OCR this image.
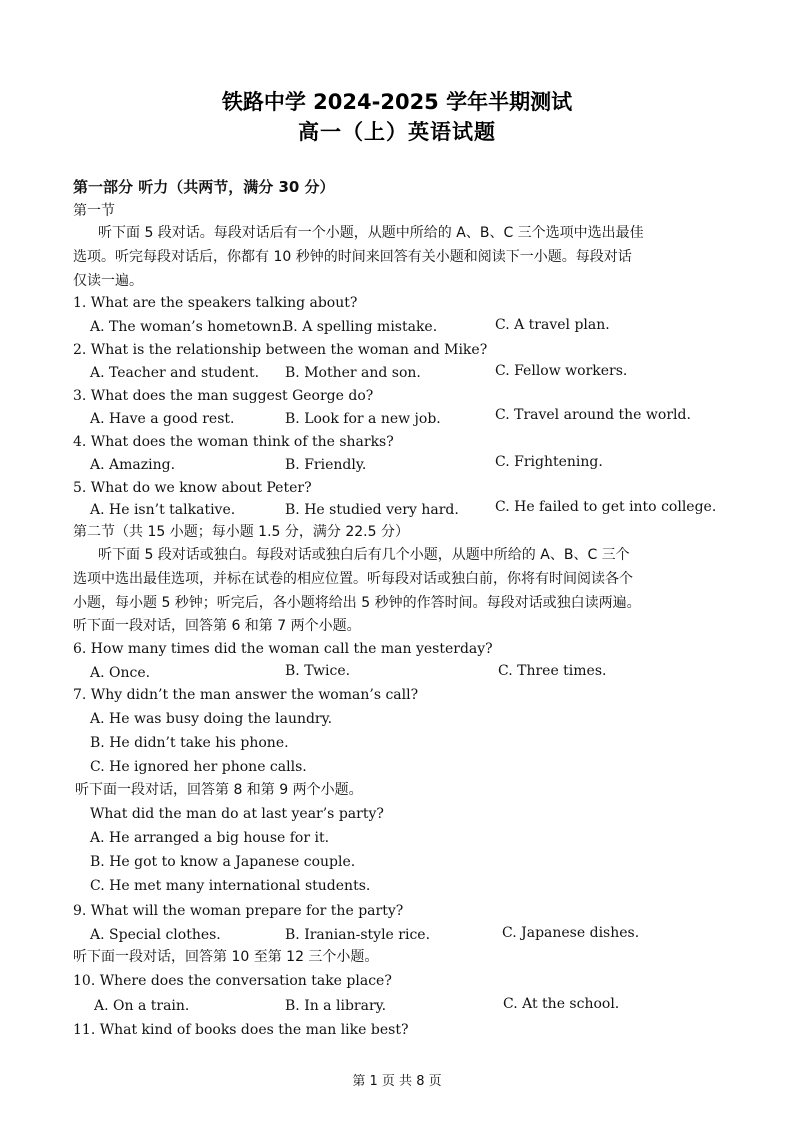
铁路中学 2024-2025 学年半期测试
高一（上）英语试题
第一部分 听力（共两节，满分 30 分）
第一节
听下面 5 段对话。每段对话后有一个小题，从题中所给的 A、B、C 三个选项中选出最佳
选项。听完每段对话后，你都有 10 秒钟的时间来回答有关小题和阅读下一小题。每段对话
仅读一遍。
1. What are the speakers talking about?
A. The woman’s hometown.
B. A spelling mistake.	C. A travel plan.
2. What is the relationship between the woman and Mike?
A. Teacher and student. B. Mother and son.	C. Fellow workers.
3. What does the man suggest George do?
A. Have a good rest.	B. Look for a new job.	C. Travel around the world.
4. What does the woman think of the sharks?
A. Amazing.	B. Friendly.	C. Frightening.
5. What do we know about Peter?
A. He isn’t talkative.	B. He studied very hard.	C. He failed to get into college.
第二节（共 15 小题；每小题 1.5 分，满分 22.5 分）
听下面 5 段对话或独白。每段对话或独白后有几个小题，从题中所给的 A、B、C 三个
选项中选出最佳选项，并标在试卷的相应位置。听每段对话或独白前，你将有时间阅读各个
小题，每小题 5 秒钟；听完后，各小题将给出 5 秒钟的作答时间。每段对话或独白读两遍。
听下面一段对话，回答第 6 和第 7 两个小题。
6. How many times did the woman call the man yesterday?
A. Once.	B. Twice.	C. Three times.
7. Why didn’t the man answer the woman’s call?
A. He was busy doing the laundry.
B. He didn’t take his phone.
C. He ignored her phone calls.
听下面一段对话，回答第 8 和第 9 两个小题。
What did the man do at last year’s party?
A. He arranged a big house for it.
B. He got to know a Japanese couple.
C. He met many international students.
9. What will the woman prepare for the party?
A. Special clothes.	B. Iranian-style rice.	C. Japanese dishes.
听下面一段对话，回答第 10 至第 12 三个小题。
10. Where does the conversation take place?
A. On a train.	B. In a library.	C. At the school.
11. What kind of books does the man like best?
第 1 页 共 8 页
